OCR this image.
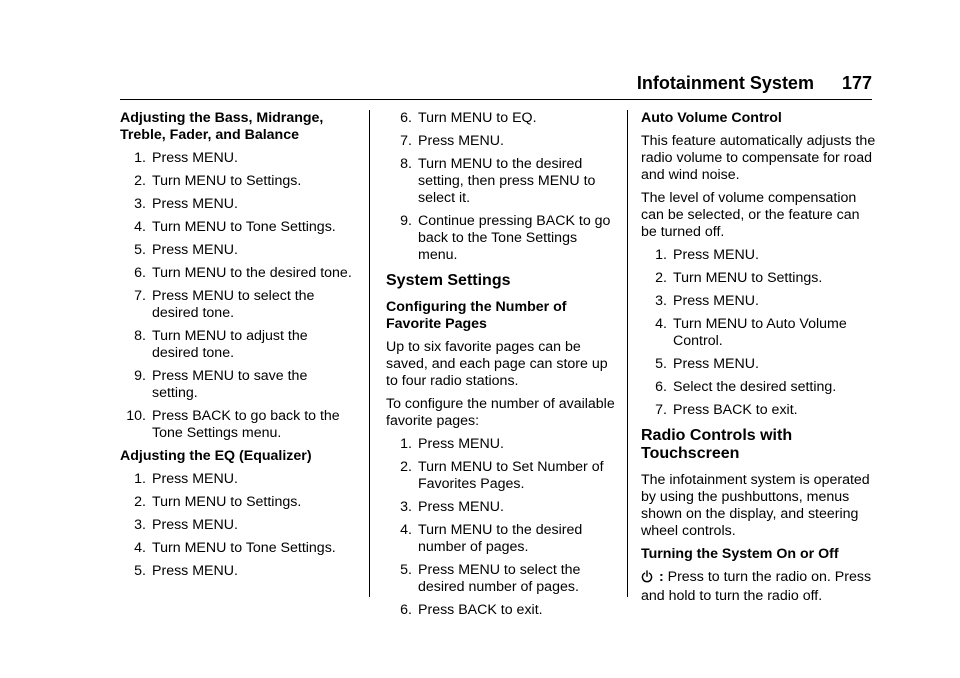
Infotainment System 177
Adjusting the Bass, Midrange, Treble, Fader, and Balance
1. Press MENU.
2. Turn MENU to Settings.
3. Press MENU.
4. Turn MENU to Tone Settings.
5. Press MENU.
6. Turn MENU to the desired tone.
7. Press MENU to select the desired tone.
8. Turn MENU to adjust the desired tone.
9. Press MENU to save the setting.
10. Press BACK to go back to the Tone Settings menu.
Adjusting the EQ (Equalizer)
1. Press MENU.
2. Turn MENU to Settings.
3. Press MENU.
4. Turn MENU to Tone Settings.
5. Press MENU.
6. Turn MENU to EQ.
7. Press MENU.
8. Turn MENU to the desired setting, then press MENU to select it.
9. Continue pressing BACK to go back to the Tone Settings menu.
System Settings
Configuring the Number of Favorite Pages

Up to six favorite pages can be saved, and each page can store up to four radio stations.

To configure the number of available favorite pages:

1. Press MENU.
2. Turn MENU to Set Number of Favorites Pages.
3. Press MENU.
4. Turn MENU to the desired number of pages.
5. Press MENU to select the desired number of pages.
6. Press BACK to exit.
Auto Volume Control

This feature automatically adjusts the radio volume to compensate for road and wind noise.

The level of volume compensation can be selected, or the feature can be turned off.

1. Press MENU.
2. Turn MENU to Settings.
3. Press MENU.
4. Turn MENU to Auto Volume Control.
5. Press MENU.
6. Select the desired setting.
7. Press BACK to exit.
Radio Controls with Touchscreen

The infotainment system is operated by using the pushbuttons, menus shown on the display, and steering wheel controls.

Turning the System On or Off

: Press to turn the radio on. Press and hold to turn the radio off.
